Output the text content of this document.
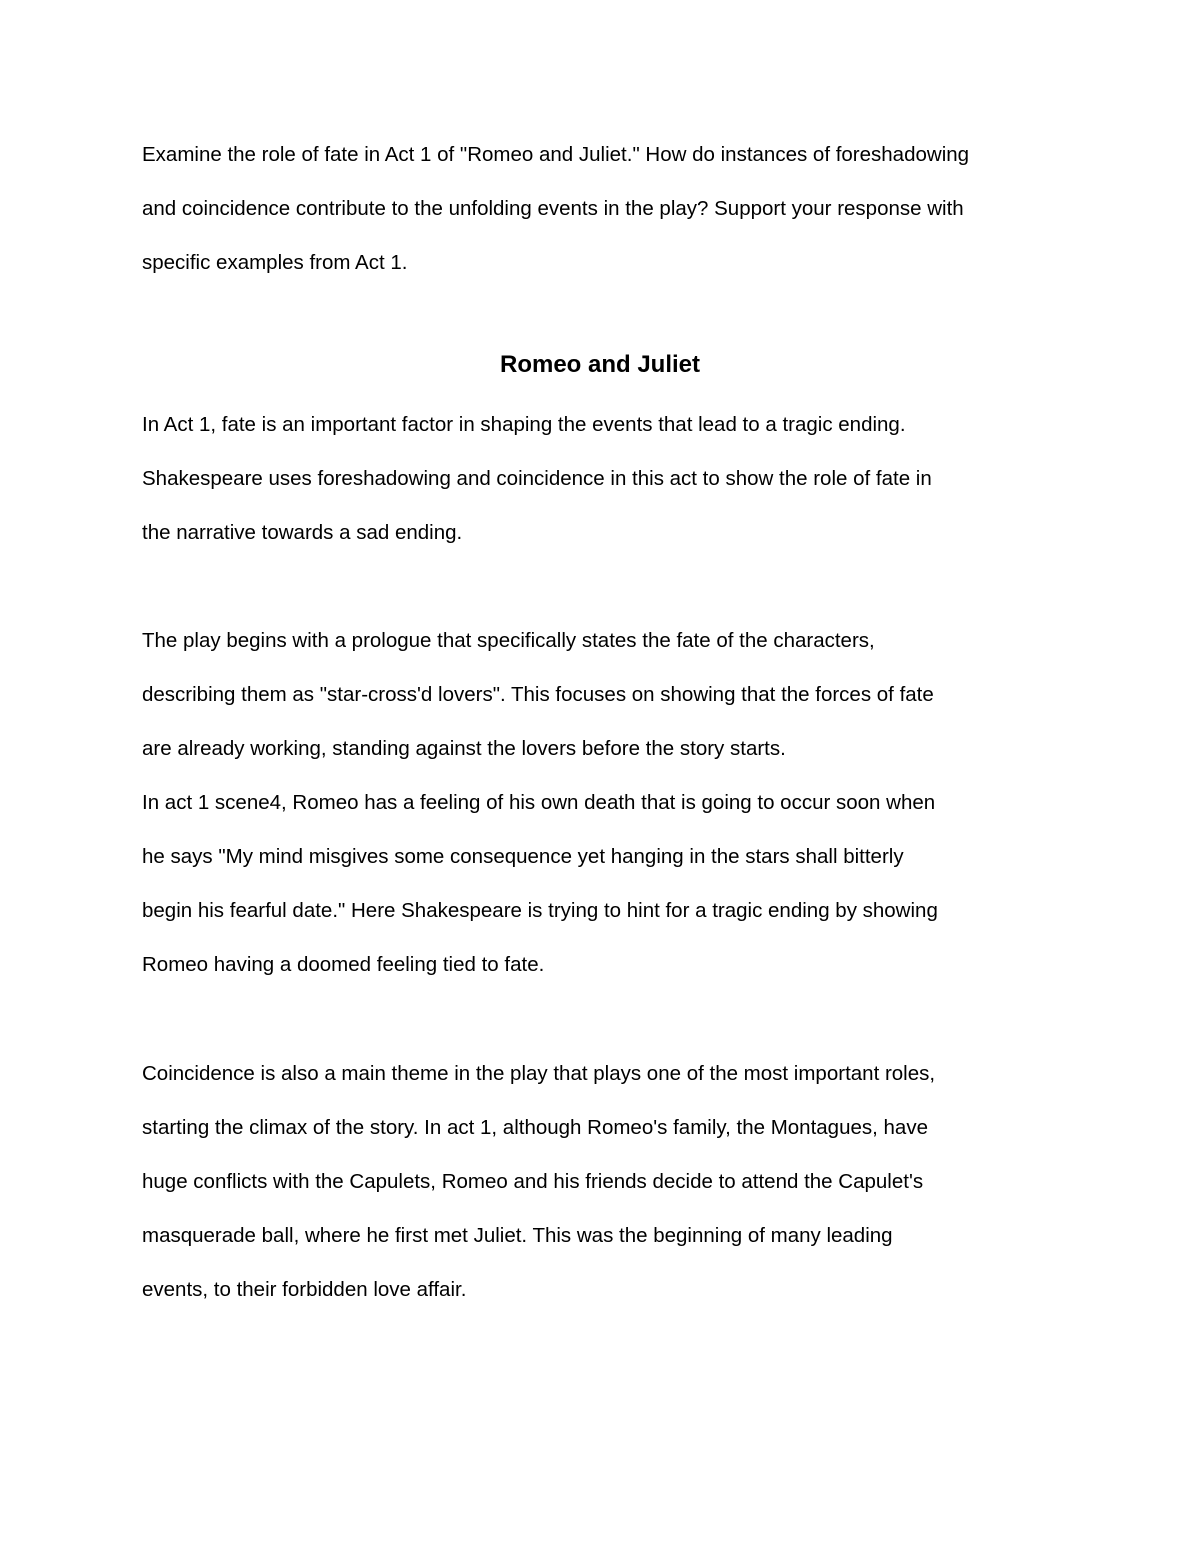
Examine the role of fate in Act 1 of "Romeo and Juliet." How do instances of foreshadowing
and coincidence contribute to the unfolding events in the play? Support your response with
specific examples from Act 1.
Romeo and Juliet
In Act 1, fate is an important factor in shaping the events that lead to a tragic ending.
Shakespeare uses foreshadowing and coincidence in this act to show the role of fate in
the narrative towards a sad ending.
The play begins with a prologue that specifically states the fate of the characters,
describing them as "star-cross'd lovers". This focuses on showing that the forces of fate
are already working, standing against the lovers before the story starts.
In act 1 scene4, Romeo has a feeling of his own death that is going to occur soon when
he says "My mind misgives some consequence yet hanging in the stars shall bitterly
begin his fearful date." Here Shakespeare is trying to hint for a tragic ending by showing
Romeo having a doomed feeling tied to fate.
Coincidence is also a main theme in the play that plays one of the most important roles,
starting the climax of the story. In act 1, although Romeo's family, the Montagues, have
huge conflicts with the Capulets, Romeo and his friends decide to attend the Capulet's
masquerade ball, where he first met Juliet. This was the beginning of many leading
events, to their forbidden love affair.
